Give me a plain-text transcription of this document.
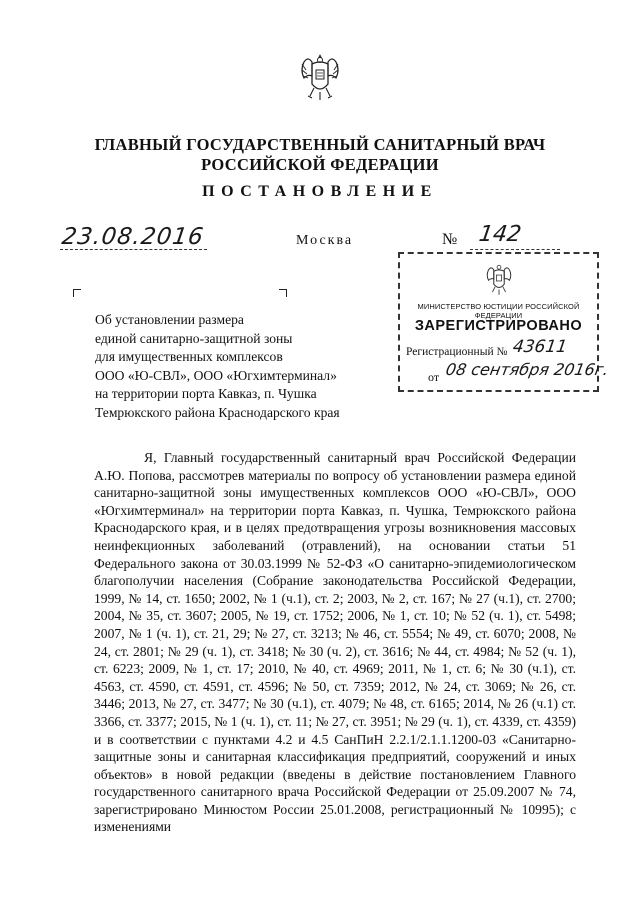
ГЛАВНЫЙ ГОСУДАРСТВЕННЫЙ САНИТАРНЫЙ ВРАЧ
РОССИЙСКОЙ ФЕДЕРАЦИИ
ПОСТАНОВЛЕНИЕ
23.08.2016	Москва	№ 142
МИНИСТЕРСТВО ЮСТИЦИИ РОССИЙСКОЙ ФЕДЕРАЦИИ
ЗАРЕГИСТРИРОВАНО
Регистрационный № 43611
от 08 сентября 2016г.
Об установлении размера
единой санитарно-защитной зоны
для имущественных комплексов
ООО «Ю-СВЛ», ООО «Югхимтерминал»
на территории порта Кавказ, п. Чушка
Темрюкского района Краснодарского края
Я, Главный государственный санитарный врач Российской Федерации А.Ю. Попова, рассмотрев материалы по вопросу об установлении размера единой санитарно-защитной зоны имущественных комплексов ООО «Ю-СВЛ», ООО «Югхимтерминал» на территории порта Кавказ, п. Чушка, Темрюкского района Краснодарского края, и в целях предотвращения угрозы возникновения массовых неинфекционных заболеваний (отравлений), на основании статьи 51 Федерального закона от 30.03.1999 № 52-ФЗ «О санитарно-эпидемиологическом благополучии населения (Собрание законодательства Российской Федерации, 1999, № 14, ст. 1650; 2002, № 1 (ч.1), ст. 2; 2003, № 2, ст. 167; № 27 (ч.1), ст. 2700; 2004, № 35, ст. 3607; 2005, № 19, ст. 1752; 2006, № 1, ст. 10; № 52 (ч. 1), ст. 5498; 2007, № 1 (ч. 1), ст. 21, 29; № 27, ст. 3213; № 46, ст. 5554; № 49, ст. 6070; 2008, № 24, ст. 2801; № 29 (ч. 1), ст. 3418; № 30 (ч. 2), ст. 3616; № 44, ст. 4984; № 52 (ч. 1), ст. 6223; 2009, № 1, ст. 17; 2010, № 40, ст. 4969; 2011, № 1, ст. 6; № 30 (ч.1), ст. 4563, ст. 4590, ст. 4591, ст. 4596; № 50, ст. 7359; 2012, № 24, ст. 3069; № 26, ст. 3446; 2013, № 27, ст. 3477; № 30 (ч.1), ст. 4079; № 48, ст. 6165; 2014, № 26 (ч.1) ст. 3366, ст. 3377; 2015, № 1 (ч. 1), ст. 11; № 27, ст. 3951; № 29 (ч. 1), ст. 4339, ст. 4359) и в соответствии с пунктами 4.2 и 4.5 СанПиН 2.2.1/2.1.1.1200-03 «Санитарно-защитные зоны и санитарная классификация предприятий, сооружений и иных объектов» в новой редакции (введены в действие постановлением Главного государственного санитарного врача Российской Федерации от 25.09.2007 № 74, зарегистрировано Минюстом России 25.01.2008, регистрационный № 10995); с изменениями
